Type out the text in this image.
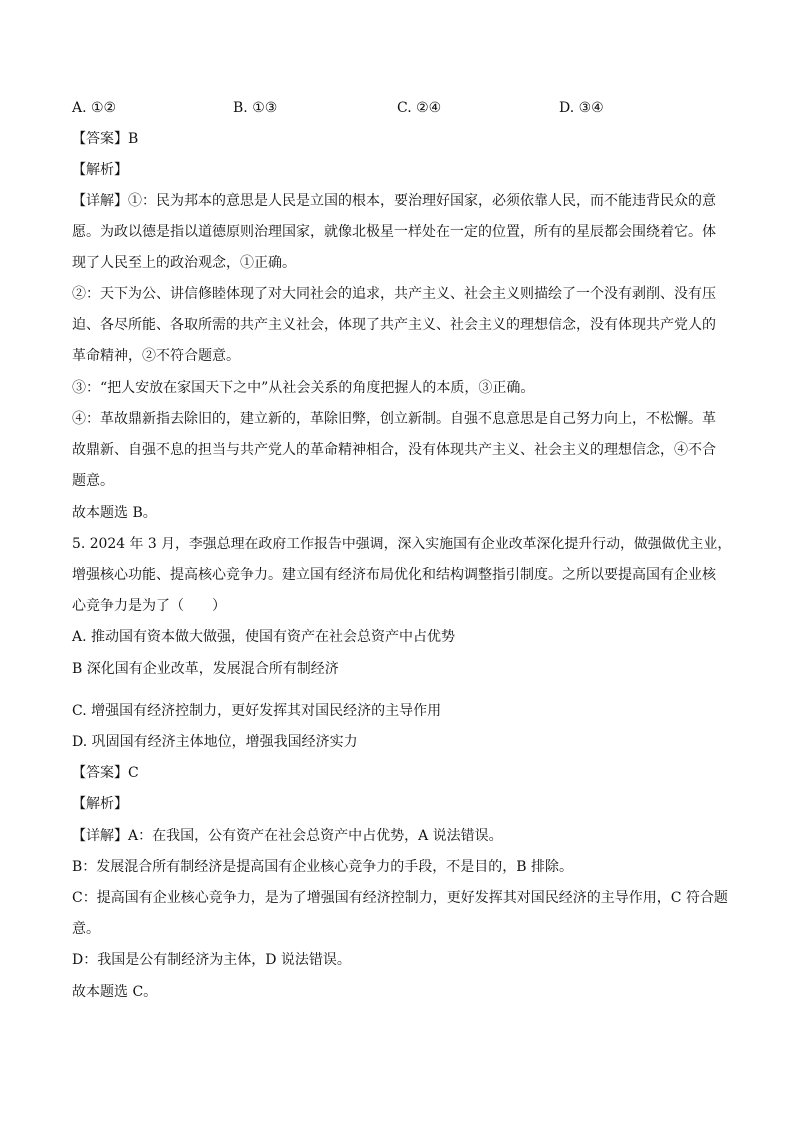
A. ①②	B. ①③	C. ②④	D. ③④
【答案】B
【解析】
【详解】①：民为邦本的意思是人民是立国的根本，要治理好国家，必须依靠人民，而不能违背民众的意
愿。为政以德是指以道德原则治理国家，就像北极星一样处在一定的位置，所有的星辰都会围绕着它。体
现了人民至上的政治观念，①正确。
②：天下为公、讲信修睦体现了对大同社会的追求，共产主义、社会主义则描绘了一个没有剥削、没有压
迫、各尽所能、各取所需的共产主义社会，体现了共产主义、社会主义的理想信念，没有体现共产党人的
革命精神，②不符合题意。
③：“把人安放在家国天下之中”从社会关系的角度把握人的本质，③正确。
④：革故鼎新指去除旧的，建立新的，革除旧弊，创立新制。自强不息意思是自己努力向上，不松懈。革
故鼎新、自强不息的担当与共产党人的革命精神相合，没有体现共产主义、社会主义的理想信念，④不合
题意。
故本题选 B。
5. 2024 年 3 月，李强总理在政府工作报告中强调，深入实施国有企业改革深化提升行动，做强做优主业，
增强核心功能、提高核心竞争力。建立国有经济布局优化和结构调整指引制度。之所以要提高国有企业核
心竞争力是为了（　　）
A. 推动国有资本做大做强，使国有资产在社会总资产中占优势
B 深化国有企业改革，发展混合所有制经济
C. 增强国有经济控制力，更好发挥其对国民经济的主导作用
D. 巩固国有经济主体地位，增强我国经济实力
【答案】C
【解析】
【详解】A：在我国，公有资产在社会总资产中占优势，A 说法错误。
B：发展混合所有制经济是提高国有企业核心竞争力的手段，不是目的，B 排除。
C：提高国有企业核心竞争力，是为了增强国有经济控制力，更好发挥其对国民经济的主导作用，C 符合题
意。
D：我国是公有制经济为主体，D 说法错误。
故本题选 C。
